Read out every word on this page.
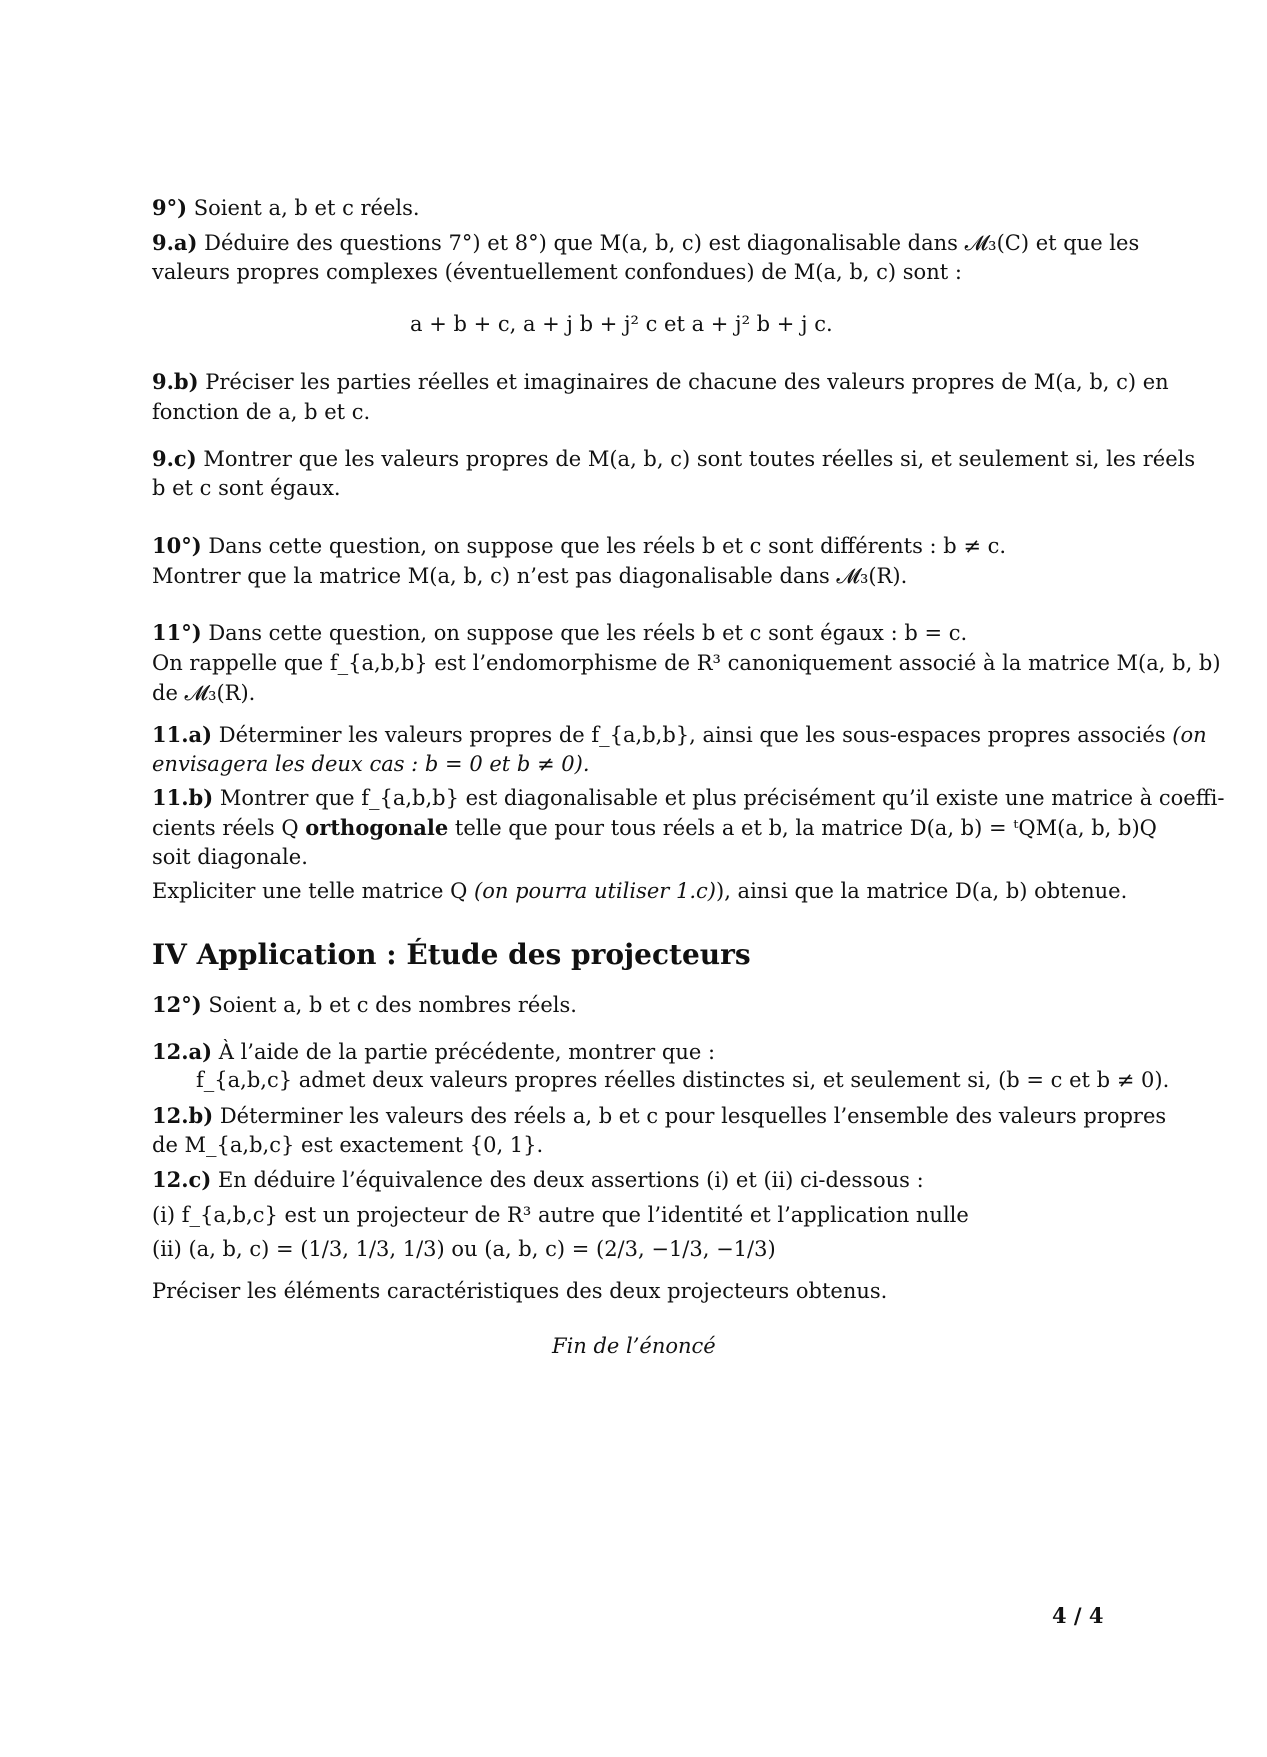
9°) Soient a, b et c réels.
9.a) Déduire des questions 7°) et 8°) que M(a, b, c) est diagonalisable dans 𝓜₃(C) et que les
valeurs propres complexes (éventuellement confondues) de M(a, b, c) sont :
a + b + c, a + j b + j² c et a + j² b + j c.
9.b) Préciser les parties réelles et imaginaires de chacune des valeurs propres de M(a, b, c) en
fonction de a, b et c.
9.c) Montrer que les valeurs propres de M(a, b, c) sont toutes réelles si, et seulement si, les réels
b et c sont égaux.
10°) Dans cette question, on suppose que les réels b et c sont différents : b ≠ c.
Montrer que la matrice M(a, b, c) n’est pas diagonalisable dans 𝓜₃(R).
11°) Dans cette question, on suppose que les réels b et c sont égaux : b = c.
On rappelle que f_{a,b,b} est l’endomorphisme de R³ canoniquement associé à la matrice M(a, b, b)
de 𝓜₃(R).
11.a) Déterminer les valeurs propres de f_{a,b,b}, ainsi que les sous-espaces propres associés (on
envisagera les deux cas : b = 0 et b ≠ 0).
11.b) Montrer que f_{a,b,b} est diagonalisable et plus précisément qu’il existe une matrice à coeffi-
cients réels Q orthogonale telle que pour tous réels a et b, la matrice D(a, b) = ᵗQM(a, b, b)Q
soit diagonale.
Expliciter une telle matrice Q (on pourra utiliser 1.c)), ainsi que la matrice D(a, b) obtenue.
IV Application : Étude des projecteurs
12°) Soient a, b et c des nombres réels.
12.a) À l’aide de la partie précédente, montrer que :
f_{a,b,c} admet deux valeurs propres réelles distinctes si, et seulement si, (b = c et b ≠ 0).
12.b) Déterminer les valeurs des réels a, b et c pour lesquelles l’ensemble des valeurs propres
de M_{a,b,c} est exactement {0, 1}.
12.c) En déduire l’équivalence des deux assertions (i) et (ii) ci-dessous :
(i) f_{a,b,c} est un projecteur de R³ autre que l’identité et l’application nulle
(ii) (a, b, c) = (1/3, 1/3, 1/3) ou (a, b, c) = (2/3, −1/3, −1/3)
Préciser les éléments caractéristiques des deux projecteurs obtenus.
Fin de l’énoncé
4 / 4
